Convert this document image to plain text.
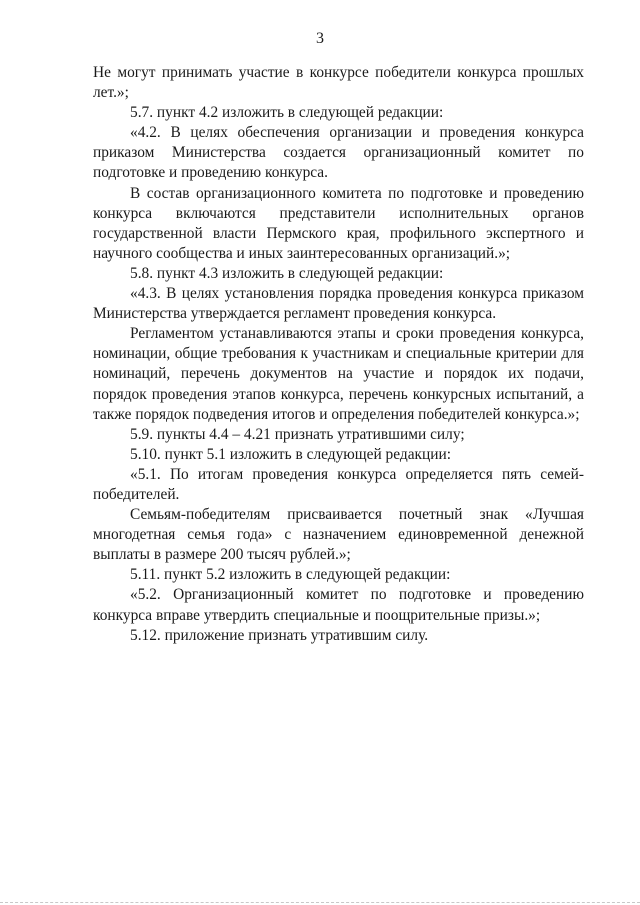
3

Не могут принимать участие в конкурсе победители конкурса прошлых лет.»;

5.7. пункт 4.2 изложить в следующей редакции:

«4.2. В целях обеспечения организации и проведения конкурса приказом Министерства создается организационный комитет по подготовке и проведению конкурса.

В состав организационного комитета по подготовке и проведению конкурса включаются представители исполнительных органов государственной власти Пермского края, профильного экспертного и научного сообщества и иных заинтересованных организаций.»;

5.8. пункт 4.3 изложить в следующей редакции:

«4.3. В целях установления порядка проведения конкурса приказом Министерства утверждается регламент проведения конкурса.

Регламентом устанавливаются этапы и сроки проведения конкурса, номинации, общие требования к участникам и специальные критерии для номинаций, перечень документов на участие и порядок их подачи, порядок проведения этапов конкурса, перечень конкурсных испытаний, а также порядок подведения итогов и определения победителей конкурса.»;

5.9. пункты 4.4 – 4.21 признать утратившими силу;

5.10. пункт 5.1 изложить в следующей редакции:

«5.1. По итогам проведения конкурса определяется пять семей-победителей.

Семьям-победителям присваивается почетный знак «Лучшая многодетная семья года» с назначением единовременной денежной выплаты в размере 200 тысяч рублей.»;

5.11. пункт 5.2 изложить в следующей редакции:

«5.2. Организационный комитет по подготовке и проведению конкурса вправе утвердить специальные и поощрительные призы.»;

5.12. приложение признать утратившим силу.
